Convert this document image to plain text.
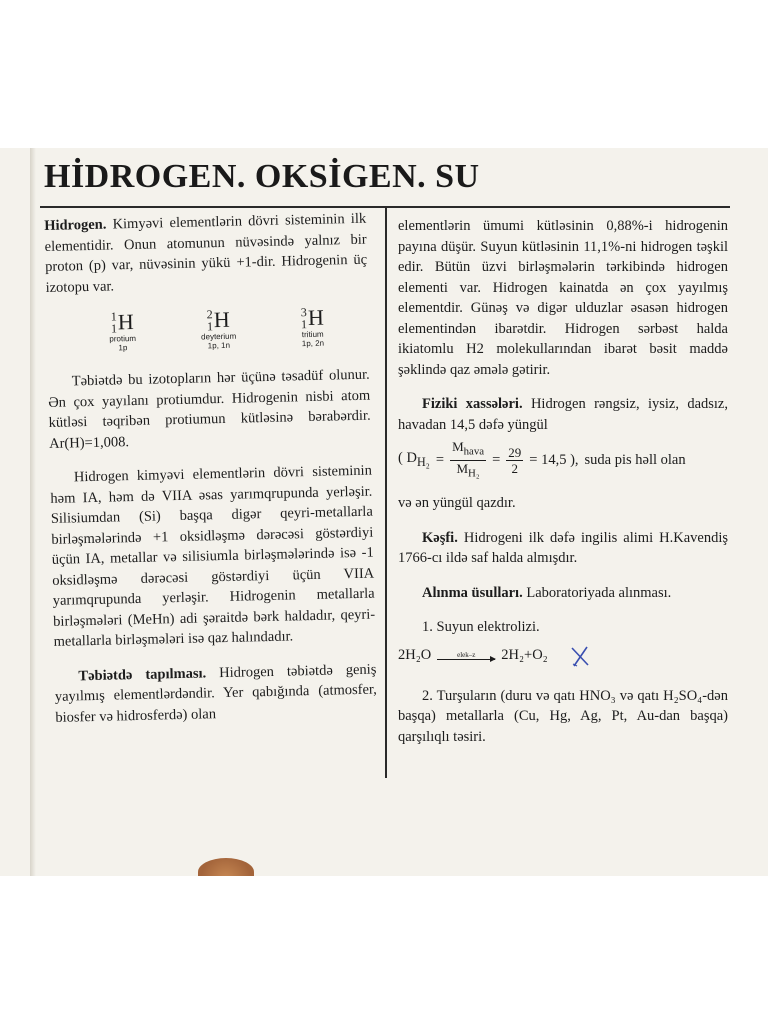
HİDROGEN. OKSİGEN. SU

Hidrogen. Kimyəvi elementlərin dövri sisteminin ilk elementidir. Onun atomunun nüvəsində yalnız bir proton (p) var, nüvəsinin yükü +1-dir. Hidrogenin üç izotopu var.

1
1 H
protium
1p
2
1 H
deyterium
1p, 1n
3
1 H
tritium
1p, 2n

Təbiətdə bu izotopların hər üçünə təsadüf olunur. Ən çox yayılanı protiumdur. Hidrogenin nisbi atom kütləsi təqribən protiumun kütləsinə bərabərdir. Ar(H)=1,008.

Hidrogen kimyəvi elementlərin dövri sisteminin həm IA, həm də VIIA əsas yarımqrupunda yerləşir. Silisiumdan (Si) başqa digər qeyri-metallarla birləşmələrində +1 oksidləşmə dərəcəsi göstərdiyi üçün IA, metallar və silisiumla birləşmələrində isə -1 oksidləşmə dərəcəsi göstərdiyi üçün VIIA yarımqrupunda yerləşir. Hidrogenin metallarla birləşmələri (MeHn) adi şəraitdə bərk haldadır, qeyri-metallarla birləşmələri isə qaz halındadır.

Təbiətdə tapılması. Hidrogen təbiətdə geniş yayılmış elementlərdəndir. Yer qabığında (atmosfer, biosfer və hidrosferdə) olan

elementlərin ümumi kütləsinin 0,88%-i hidrogenin payına düşür. Suyun kütləsinin 11,1%-ni hidrogen təşkil edir. Bütün üzvi birləşmələrin tərkibində hidrogen elementi var. Hidrogen kainatda ən çox yayılmış elementdir. Günəş və digər ulduzlar əsasən hidrogen elementindən ibarətdir. Hidrogen sərbəst halda ikiatomlu H2 molekullarından ibarət bəsit maddə şəklində qaz əmələ gətirir.

Fiziki xassələri. Hidrogen rəngsiz, iysiz, dadsız, havadan 14,5 dəfə yüngül

( $D_{H_2} = \frac{M_{hava}}{M_{H_2}} = \frac{29}{2} = 14,5$ ), suda pis həll olan

və ən yüngül qazdır.

Kəşfi. Hidrogeni ilk dəfə ingilis alimi H.Kavendiş 1766-cı ildə saf halda almışdır.

Alınma üsulları. Laboratoriyada alınması.

1. Suyun elektrolizi.

2H₂O	elek–z 2H₂+O₂

2. Turşuların (duru və qatı HNO₃ və qatı H₂SO₄-dən başqa) metallarla (Cu, Hg, Ag, Pt, Au-dan başqa) qarşılıqlı təsiri.
